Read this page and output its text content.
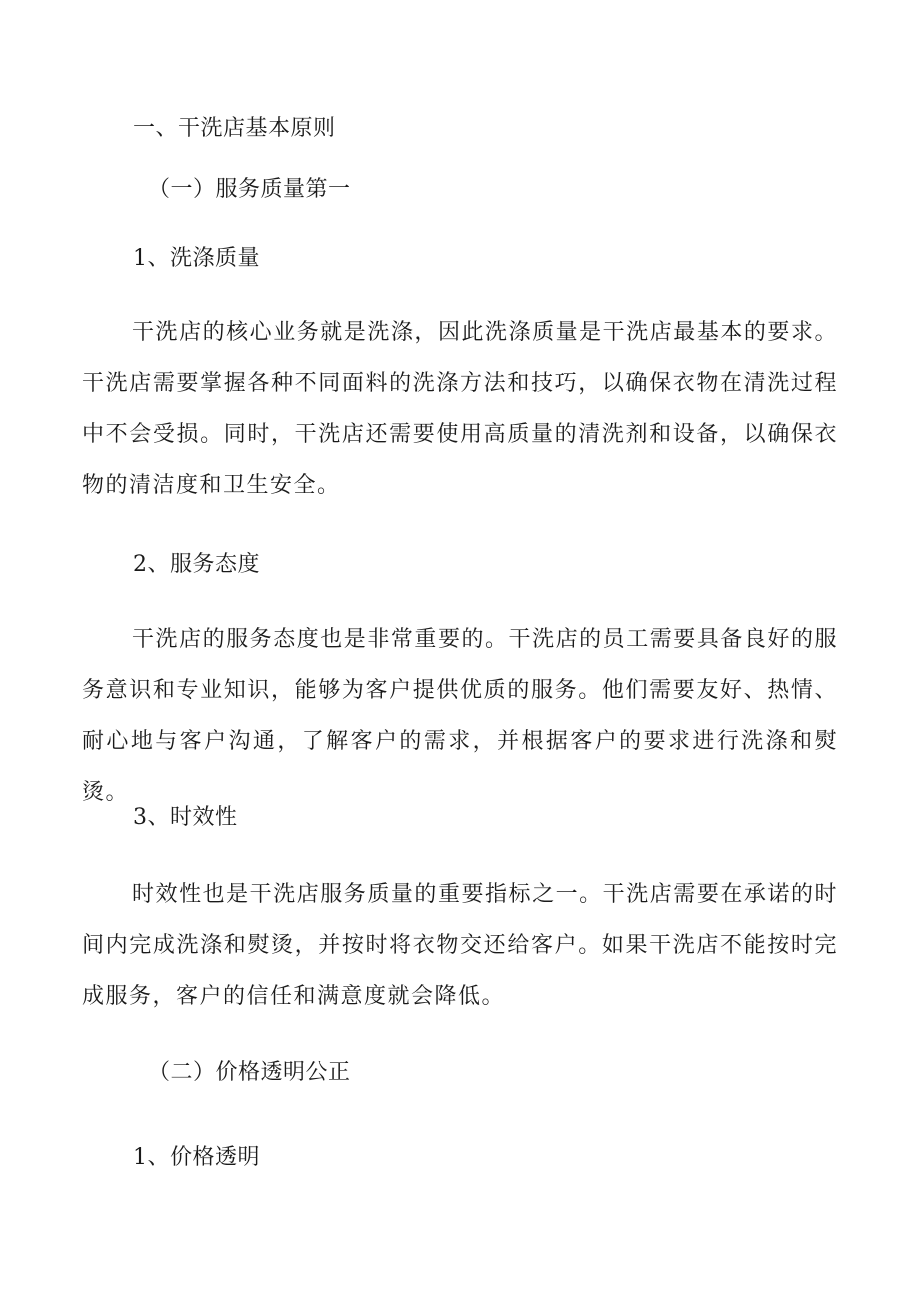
一、干洗店基本原则
（一）服务质量第一
1、洗涤质量

干洗店的核心业务就是洗涤，因此洗涤质量是干洗店最基本的要求。干洗店需要掌握各种不同面料的洗涤方法和技巧，以确保衣物在清洗过程中不会受损。同时，干洗店还需要使用高质量的清洗剂和设备，以确保衣物的清洁度和卫生安全。

2、服务态度

干洗店的服务态度也是非常重要的。干洗店的员工需要具备良好的服务意识和专业知识，能够为客户提供优质的服务。他们需要友好、热情、耐心地与客户沟通，了解客户的需求，并根据客户的要求进行洗涤和熨烫。

3、时效性

时效性也是干洗店服务质量的重要指标之一。干洗店需要在承诺的时间内完成洗涤和熨烫，并按时将衣物交还给客户。如果干洗店不能按时完成服务，客户的信任和满意度就会降低。

（二）价格透明公正
1、价格透明
